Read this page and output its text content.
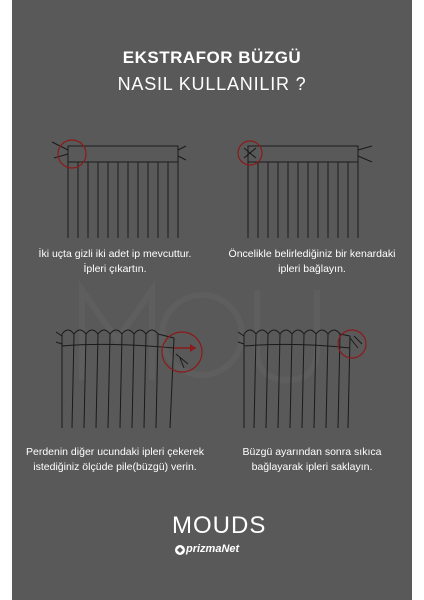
EKSTRAFOR BÜZGÜ
NASIL KULLANILIR ?
İki uçta gizli iki adet ip mevcuttur.
İpleri çıkartın.
Öncelikle belirlediğiniz bir kenardaki
ipleri bağlayın.
Perdenin diğer ucundaki ipleri çekerek
istediğiniz ölçüde pile(büzgü) verin.
Büzgü ayarından sonra sıkıca
bağlayarak ipleri saklayın.
MOUDS
prizmaNet
